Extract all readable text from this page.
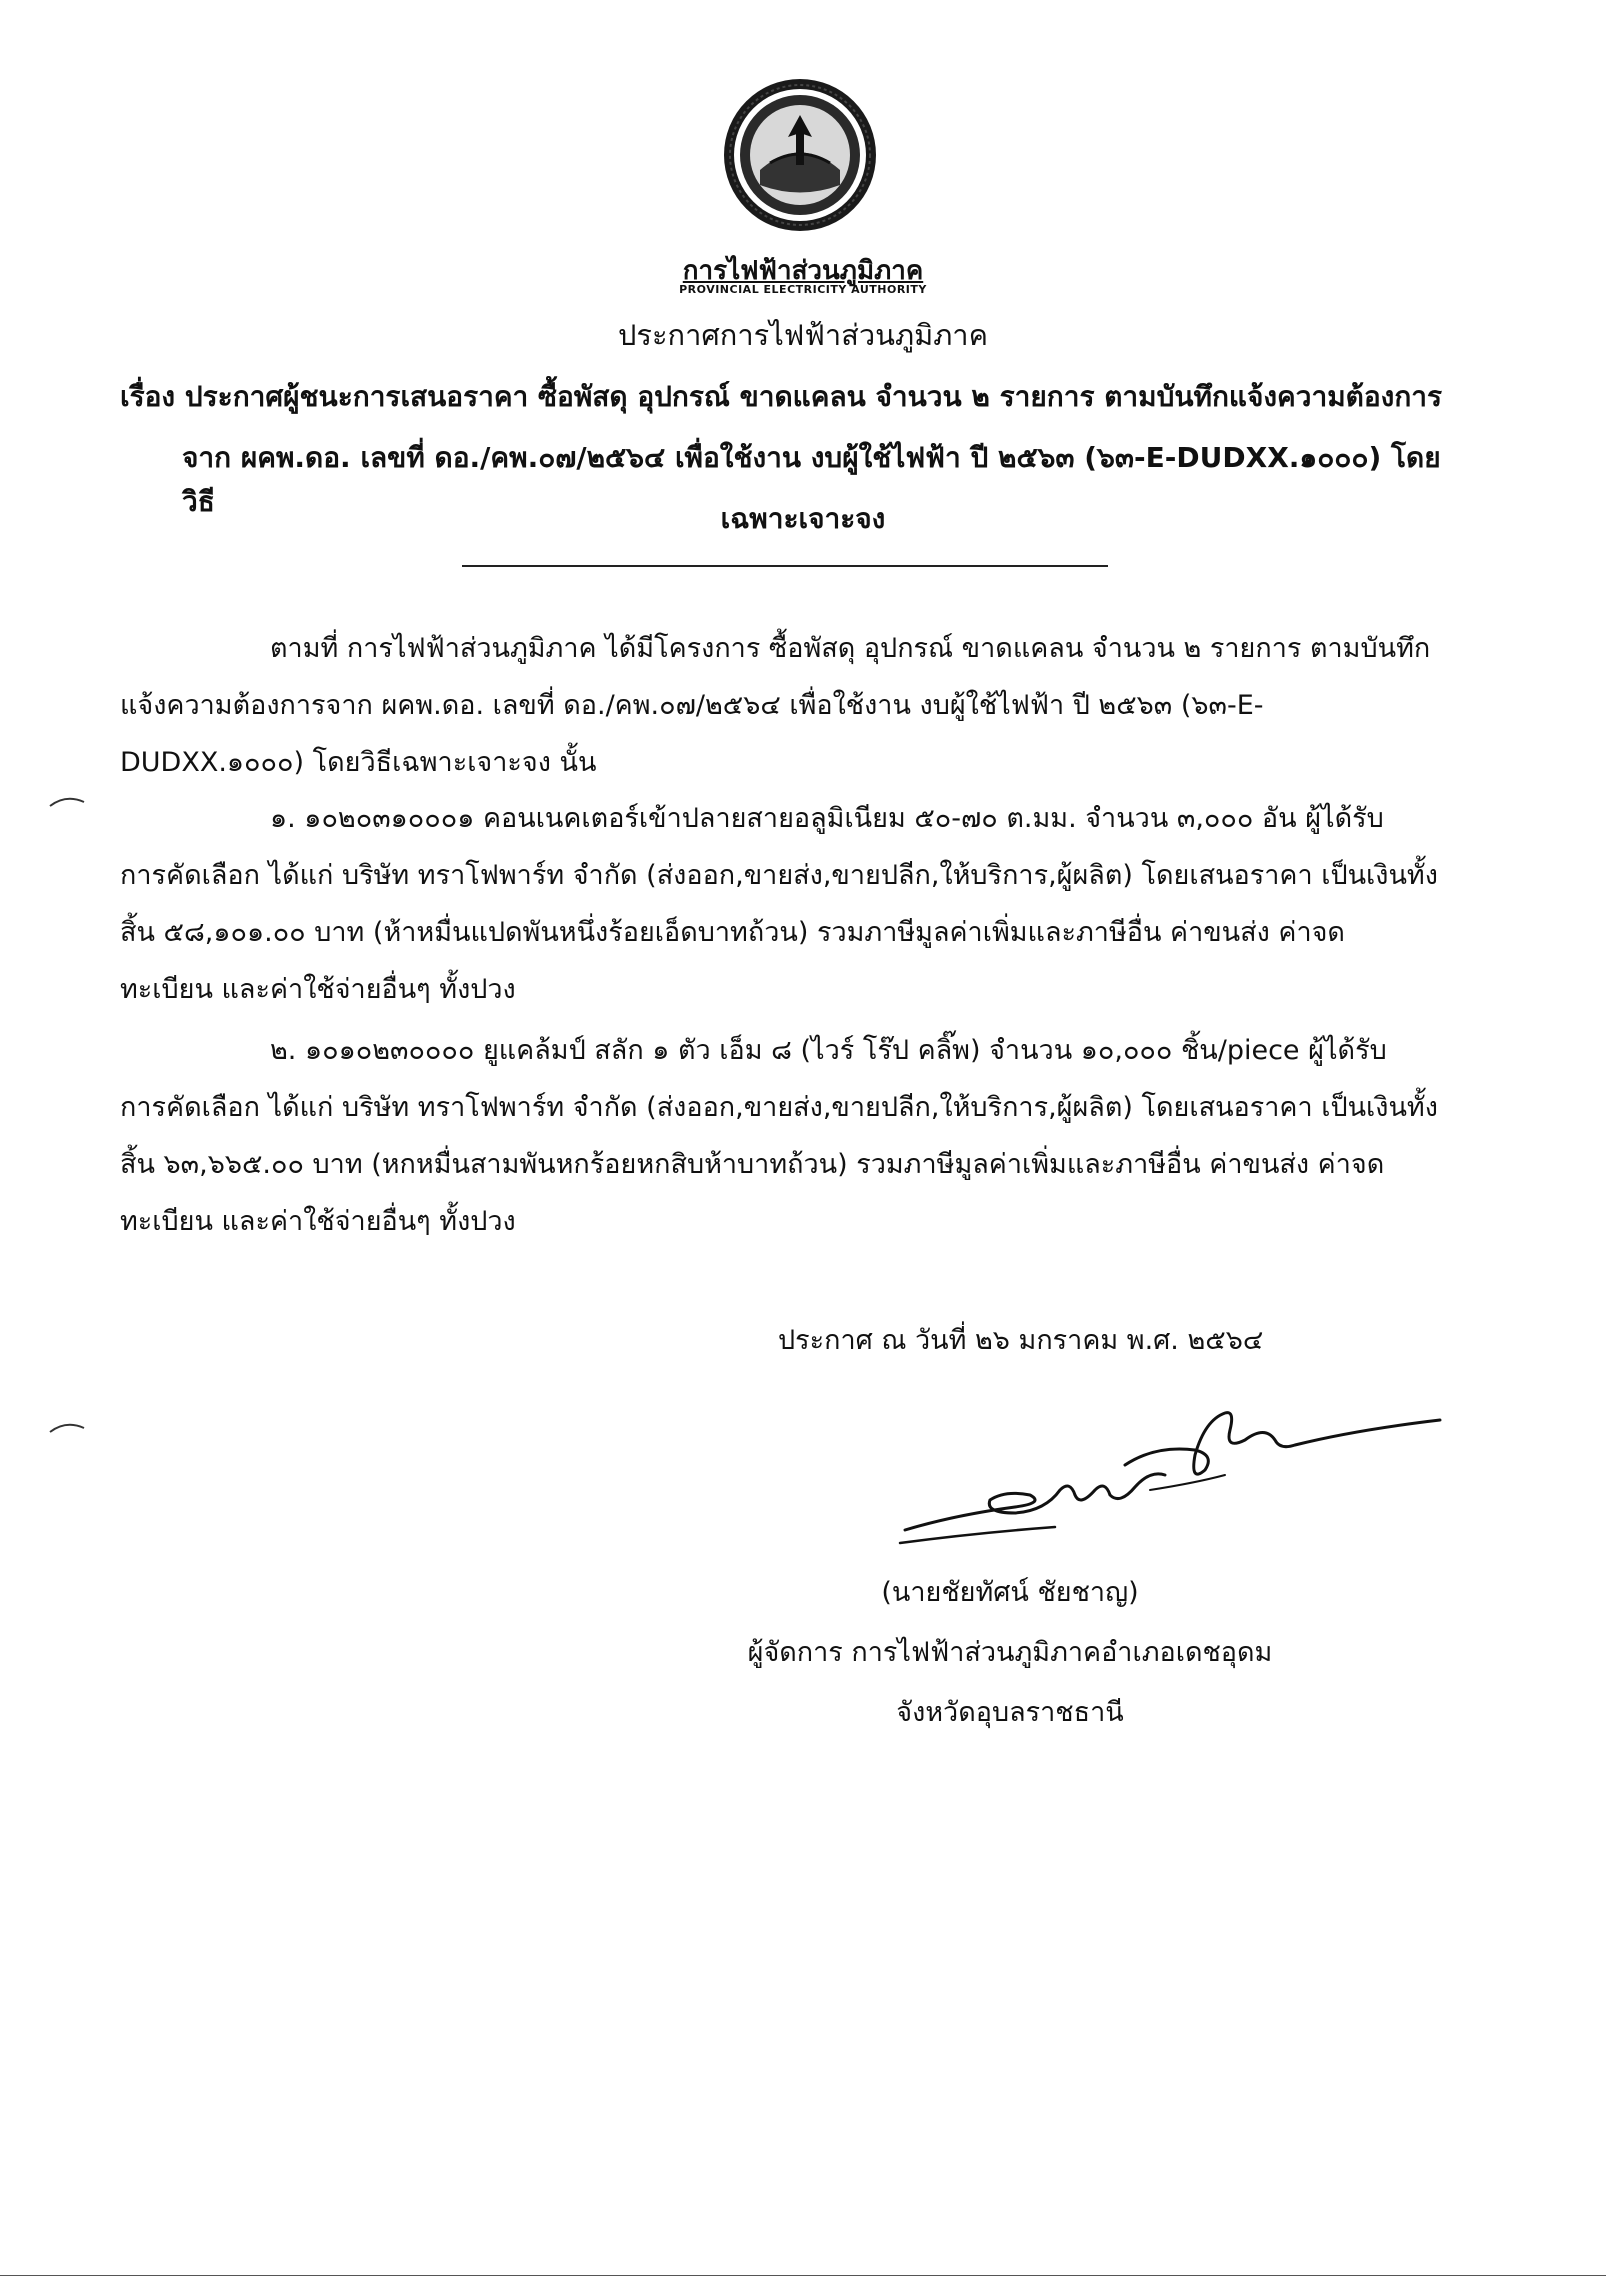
การไฟฟ้าส่วนภูมิภาค
PROVINCIAL ELECTRICITY AUTHORITY
ประกาศการไฟฟ้าส่วนภูมิภาค
เรื่อง ประกาศผู้ชนะการเสนอราคา ซื้อพัสดุ อุปกรณ์ ขาดแคลน จำนวน ๒ รายการ ตามบันทึกแจ้งความต้องการ
จาก ผคพ.ดอ. เลขที่ ดอ./คพ.๐๗/๒๕๖๔ เพื่อใช้งาน งบผู้ใช้ไฟฟ้า ปี ๒๕๖๓ (๖๓-E-DUDXX.๑๐๐๐) โดยวิธี
เฉพาะเจาะจง
ตามที่ การไฟฟ้าส่วนภูมิภาค ได้มีโครงการ ซื้อพัสดุ อุปกรณ์ ขาดแคลน จำนวน ๒ รายการ ตามบันทึก
แจ้งความต้องการจาก ผคพ.ดอ. เลขที่ ดอ./คพ.๐๗/๒๕๖๔ เพื่อใช้งาน งบผู้ใช้ไฟฟ้า ปี ๒๕๖๓ (๖๓-E-
DUDXX.๑๐๐๐) โดยวิธีเฉพาะเจาะจง นั้น
๑. ๑๐๒๐๓๑๐๐๐๑ คอนเนคเตอร์เข้าปลายสายอลูมิเนียม ๕๐-๗๐ ต.มม. จำนวน ๓,๐๐๐ อัน ผู้ได้รับ
การคัดเลือก ได้แก่ บริษัท ทราโฟพาร์ท จำกัด (ส่งออก,ขายส่ง,ขายปลีก,ให้บริการ,ผู้ผลิต) โดยเสนอราคา เป็นเงินทั้ง
สิ้น ๕๘,๑๐๑.๐๐ บาท (ห้าหมื่นแปดพันหนึ่งร้อยเอ็ดบาทถ้วน) รวมภาษีมูลค่าเพิ่มและภาษีอื่น ค่าขนส่ง ค่าจด
ทะเบียน และค่าใช้จ่ายอื่นๆ ทั้งปวง
๒. ๑๐๑๐๒๓๐๐๐๐ ยูแคล้มป์ สลัก ๑ ตัว เอ็ม ๘ (ไวร์ โร๊ป คลิ๊พ) จำนวน ๑๐,๐๐๐ ชิ้น/piece ผู้ได้รับ
การคัดเลือก ได้แก่ บริษัท ทราโฟพาร์ท จำกัด (ส่งออก,ขายส่ง,ขายปลีก,ให้บริการ,ผู้ผลิต) โดยเสนอราคา เป็นเงินทั้ง
สิ้น ๖๓,๖๖๕.๐๐ บาท (หกหมื่นสามพันหกร้อยหกสิบห้าบาทถ้วน) รวมภาษีมูลค่าเพิ่มและภาษีอื่น ค่าขนส่ง ค่าจด
ทะเบียน และค่าใช้จ่ายอื่นๆ ทั้งปวง
ประกาศ ณ วันที่ ๒๖ มกราคม พ.ศ. ๒๕๖๔
(นายชัยทัศน์ ชัยชาญ)
ผู้จัดการ การไฟฟ้าส่วนภูมิภาคอำเภอเดชอุดม
จังหวัดอุบลราชธานี
